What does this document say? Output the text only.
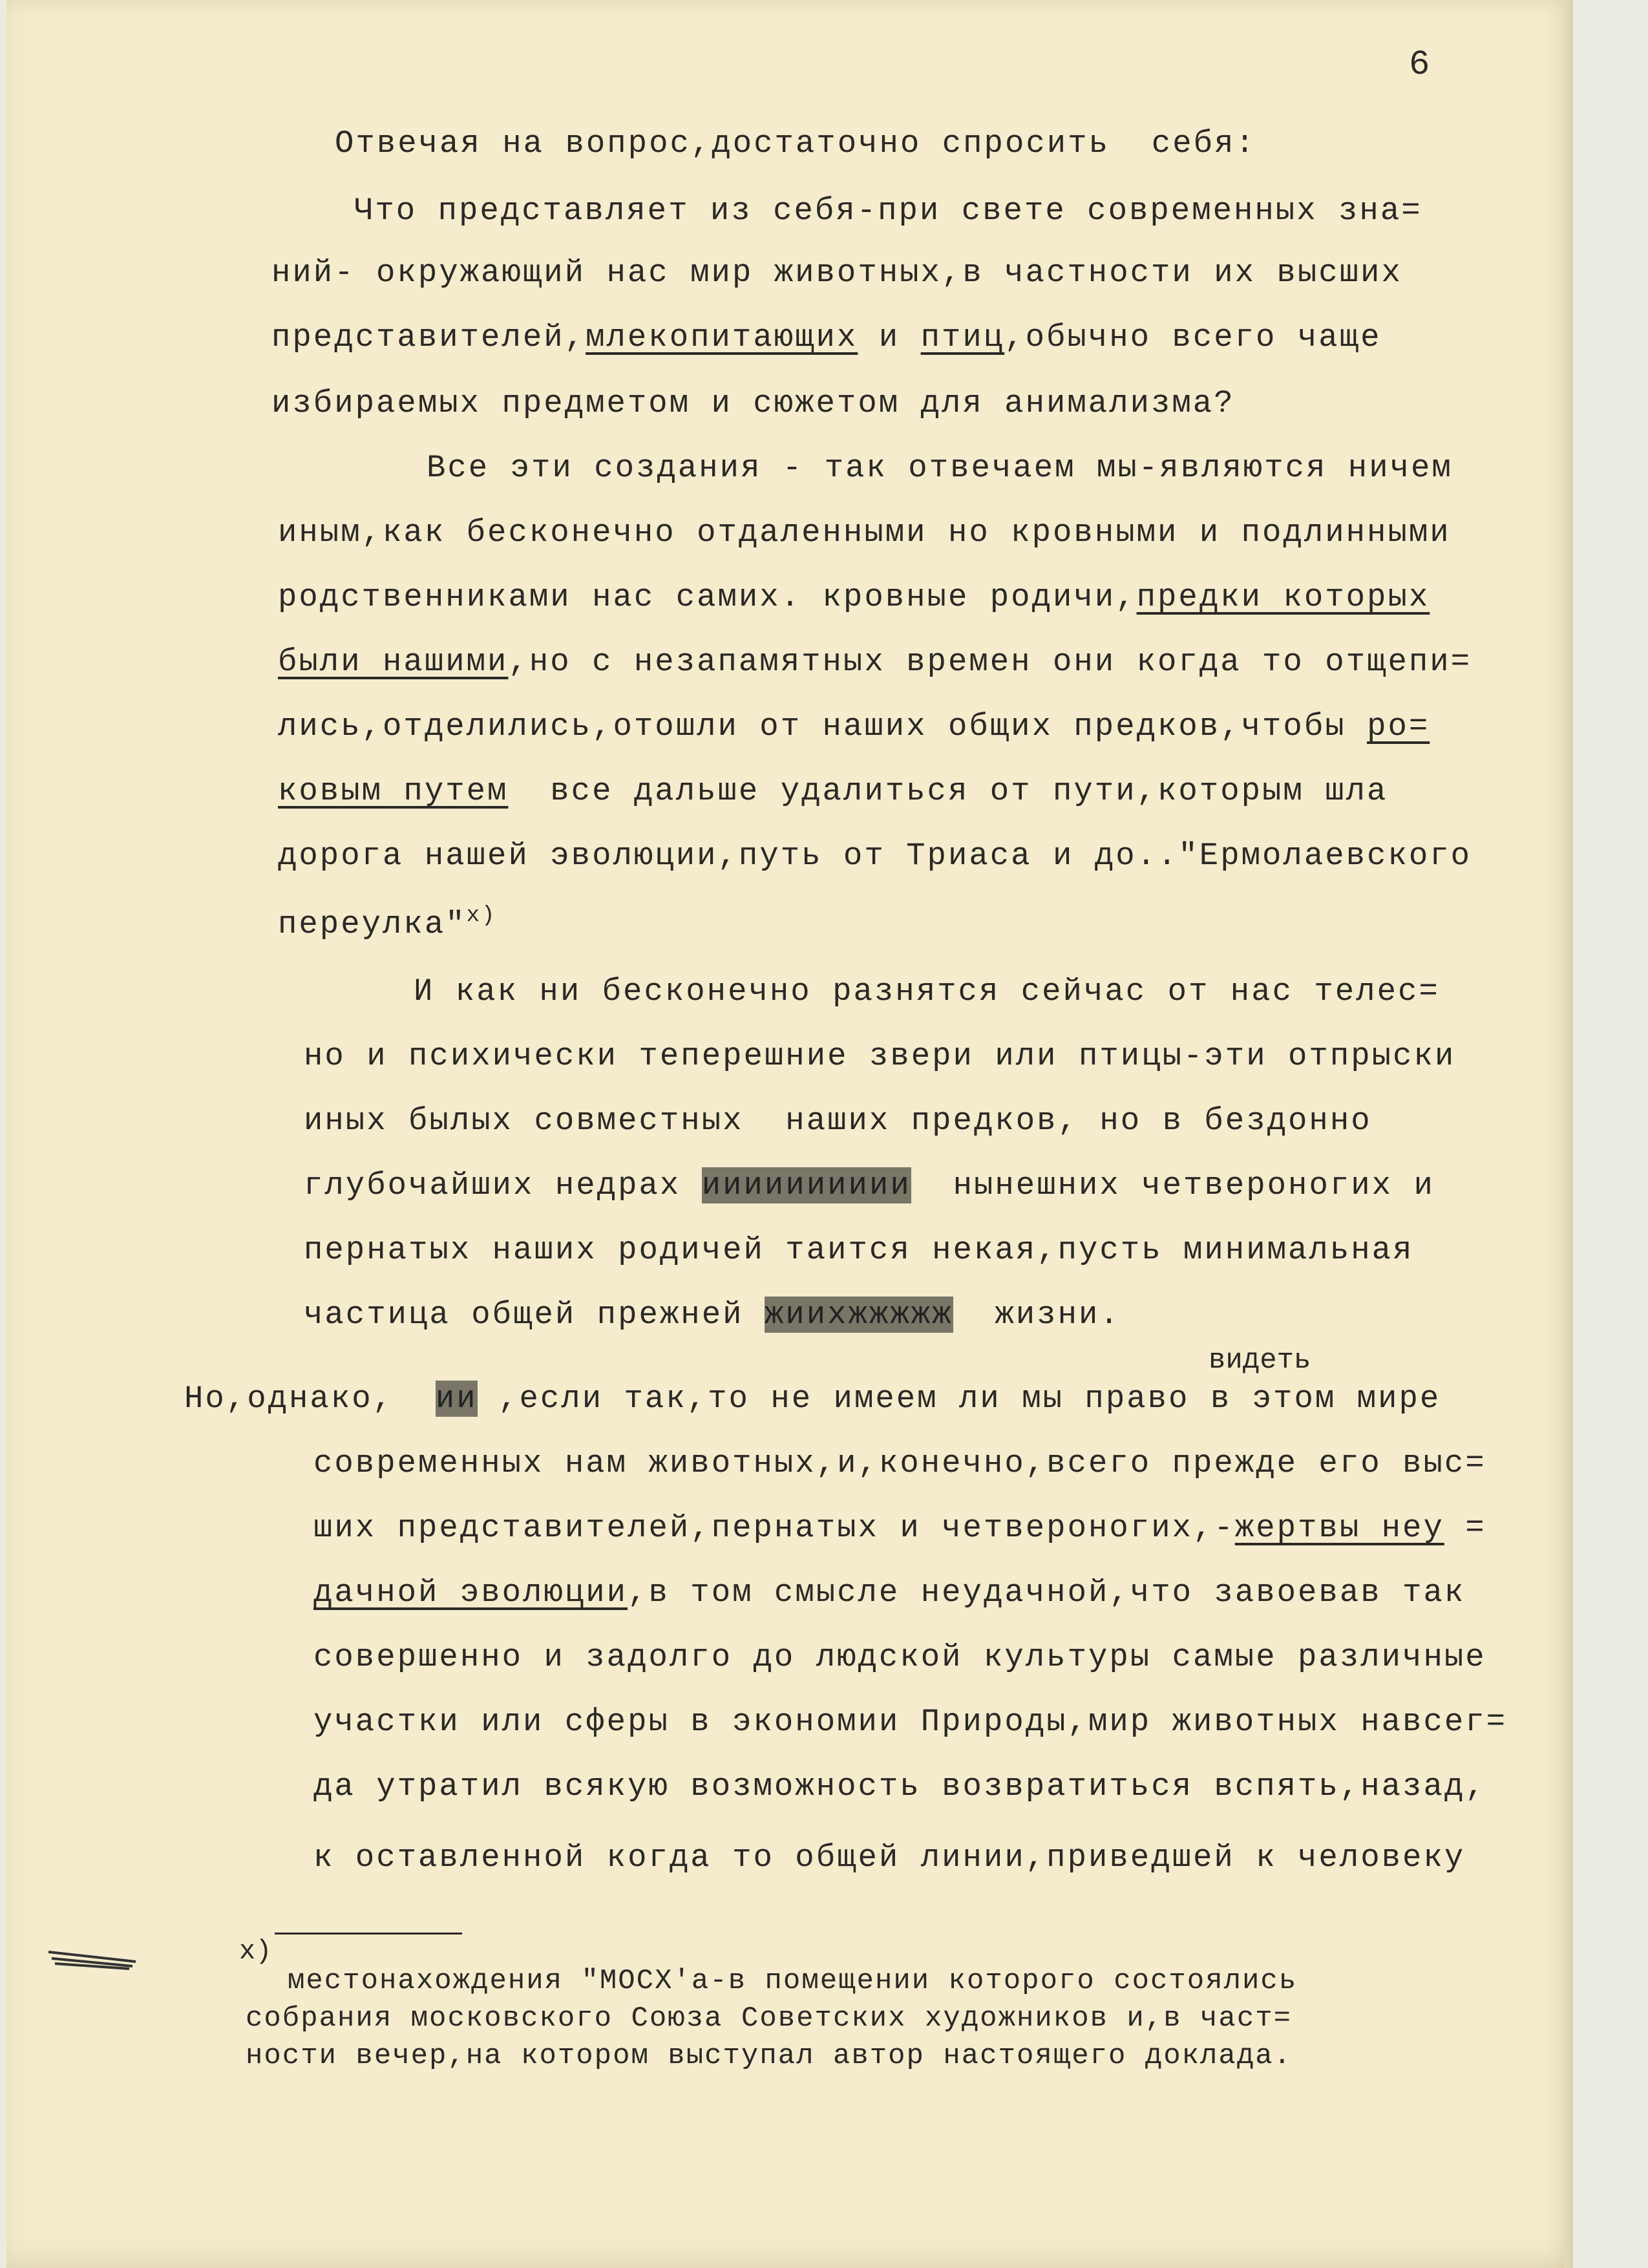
6
Отвечая на вопрос,достаточно спросить  себя:
Что представляет из себя-при свете современных зна=
ний- окружающий нас мир животных,в частности их высших
представителей,млекопитающих и птиц,обычно всего чаще
избираемых предметом и сюжетом для анимализма?
Все эти создания - так отвечаем мы-являются ничем
иным,как бесконечно отдаленными но кровными и подлинными
родственниками нас самих. кровные родичи,предки которых
были нашими,но с незапамятных времен они когда то отщепи=
лись,отделились,отошли от наших общих предков,чтобы ро=
ковым путем  все дальше удалиться от пути,которым шла
дорога нашей эволюции,путь от Триаса и до.."Ермолаевского
переулка"$^{х)}$
И как ни бесконечно разнятся сейчас от нас телес=
но и психически теперешние звери или птицы-эти отпрыски
иных былых совместных  наших предков, но в бездонно
глубочайших недрах ииииииииии нынешних четвероногих и
пернатых наших родичей таится некая,пусть минимальная
частица общей прежней жиихжжжжж  жизни.
видеть
Но,однако,  ии ,если так,то не имеем ли мы право в этом мире
современных нам животных,и,конечно,всего прежде его выс=
ших представителей,пернатых и четвероногих,-жертвы неу =
дачной эволюции,в том смысле неудачной,что завоевав так
совершенно и задолго до людской культуры самые различные
участки или сферы в экономии Природы,мир животных навсег=
да утратил всякую возможность возвратиться вспять,назад,
к оставленной когда то общей линии,приведшей к человеку
х)
местонахождения "МОСХ'а-в помещении которого состоялись
собрания московского Союза Советских художников и,в част=
ности вечер,на котором выступал автор настоящего доклада.
